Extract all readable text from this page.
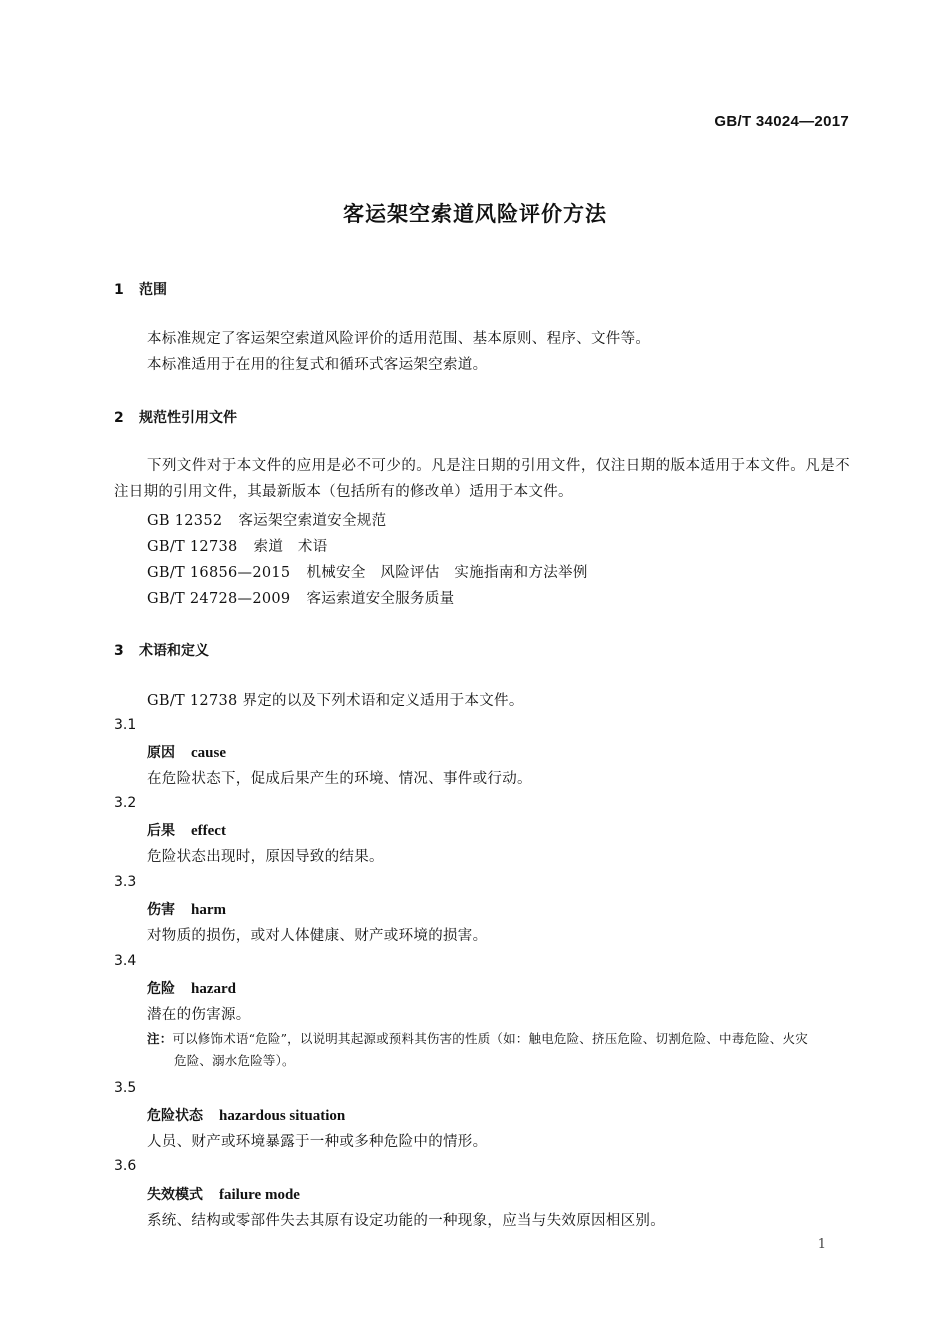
GB/T 34024—2017
客运架空索道风险评价方法
1 范围
本标准规定了客运架空索道风险评价的适用范围、基本原则、程序、文件等。
本标准适用于在用的往复式和循环式客运架空索道。
2 规范性引用文件
下列文件对于本文件的应用是必不可少的。凡是注日期的引用文件，仅注日期的版本适用于本文件。凡是不注日期的引用文件，其最新版本（包括所有的修改单）适用于本文件。
GB 12352 客运架空索道安全规范
GB/T 12738 索道　术语
GB/T 16856—2015 机械安全　风险评估　实施指南和方法举例
GB/T 24728—2009 客运索道安全服务质量
3 术语和定义
GB/T 12738 界定的以及下列术语和定义适用于本文件。
3.1
原因 cause
在危险状态下，促成后果产生的环境、情况、事件或行动。
3.2
后果 effect
危险状态出现时，原因导致的结果。
3.3
伤害 harm
对物质的损伤，或对人体健康、财产或环境的损害。
3.4
危险 hazard
潜在的伤害源。
注：可以修饰术语“危险”，以说明其起源或预料其伤害的性质（如：触电危险、挤压危险、切割危险、中毒危险、火灾
危险、溺水危险等）。
3.5
危险状态 hazardous situation
人员、财产或环境暴露于一种或多种危险中的情形。
3.6
失效模式 failure mode
系统、结构或零部件失去其原有设定功能的一种现象，应当与失效原因相区别。
1
